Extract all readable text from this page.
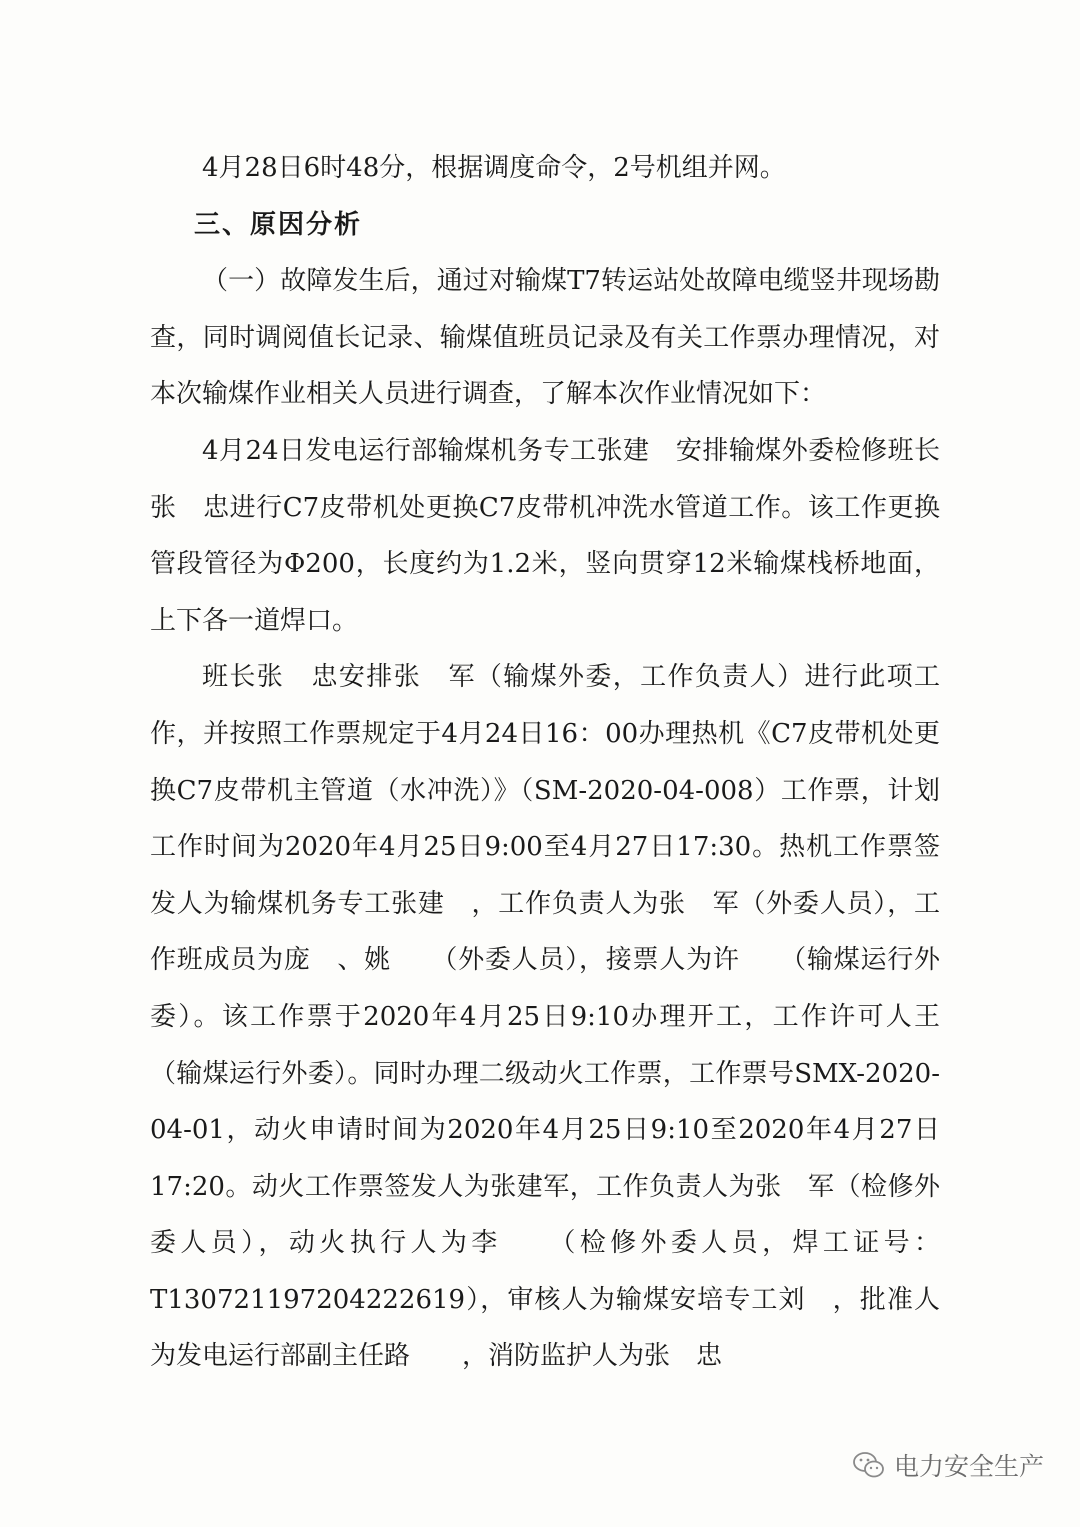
4月28日6时48分，根据调度命令，2号机组并网。

三、原因分析

（一）故障发生后，通过对输煤T7转运站处故障电缆竖井现场勘查，同时调阅值长记录、输煤值班员记录及有关工作票办理情况，对本次输煤作业相关人员进行调查，了解本次作业情况如下：

4月24日发电运行部输煤机务专工张建　安排输煤外委检修班长张　忠进行C7皮带机处更换C7皮带机冲洗水管道工作。该工作更换管段管径为Φ200，长度约为1.2米，竖向贯穿12米输煤栈桥地面，上下各一道焊口。

班长张　忠安排张　军（输煤外委，工作负责人）进行此项工作，并按照工作票规定于4月24日16：00办理热机《C7皮带机处更换C7皮带机主管道（水冲洗）》（SM-2020-04-008）工作票，计划工作时间为2020年4月25日9:00至4月27日17:30。热机工作票签发人为输煤机务专工张建　，工作负责人为张　军（外委人员），工作班成员为庞　、姚　　（外委人员），接票人为许　　（输煤运行外委）。该工作票于2020年4月25日9:10办理开工，工作许可人王　　（输煤运行外委）。同时办理二级动火工作票，工作票号SMX-2020-04-01，动火申请时间为2020年4月25日9:10至2020年4月27日17:20。动火工作票签发人为张建军，工作负责人为张　军（检修外委人员），动火执行人为李　　（检修外委人员，焊工证号：T130721197204222619），审核人为输煤安培专工刘　，批准人为发电运行部副主任路　　，消防监护人为张　忠

电力安全生产
